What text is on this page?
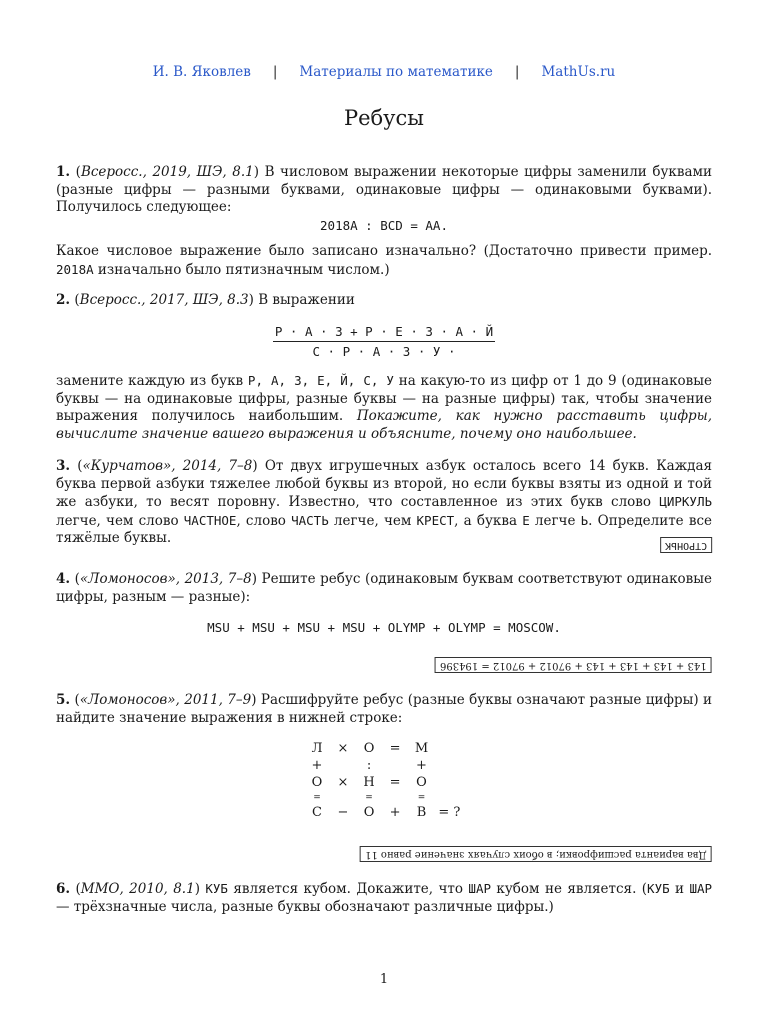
И. В. Яковлев | Материалы по математике | MathUs.ru
Ребусы
1. (Всеросс., 2019, ШЭ, 8.1) В числовом выражении некоторые цифры заменили буквами (разные цифры — разными буквами, одинаковые цифры — одинаковыми буквами). Получилось следующее:
2018A : BCD = AA.
Какое числовое выражение было записано изначально? (Достаточно привести пример. 2018A изначально было пятизначным числом.)
2. (Всеросс., 2017, ШЭ, 8.3) В выражении
$\frac{Р \cdot А \cdot З + Р \cdot Е \cdot З \cdot А \cdot Й}{С \cdot Р \cdot А \cdot З \cdot У \cdot}$
замените каждую из букв Р, А, З, Е, Й, С, У на какую-то из цифр от 1 до 9 (одинаковые буквы — на одинаковые цифры, разные буквы — на разные цифры) так, чтобы значение выражения получилось наибольшим. Покажите, как нужно расставить цифры, вычислите значение вашего выражения и объясните, почему оно наибольшее.
3. («Курчатов», 2014, 7–8) От двух игрушечных азбук осталось всего 14 букв. Каждая буква первой азбуки тяжелее любой буквы из второй, но если буквы взяты из одной и той же азбуки, то весят поровну. Известно, что составленное из этих букв слово ЦИРКУЛЬ легче, чем слово ЧАСТНОЕ, слово ЧАСТЬ легче, чем КРЕСТ, а буква Е легче Ь. Определите все тяжёлые буквы.	СТРОНЬК
4. («Ломоносов», 2013, 7–8) Решите ребус (одинаковым буквам соответствуют одинаковые цифры, разным — разные):
MSU + MSU + MSU + MSU + OLYMP + OLYMP = MOSCOW.
143 + 143 + 143 + 143 + 97012 + 97012 = 194396
5. («Ломоносов», 2011, 7–9) Расшифруйте ребус (разные буквы означают разные цифры) и найдите значение выражения в нижней строке:
Л	×	О	=	М	
+		:		+	
О	×	Н	=	О	
=		=		=	
С	−	О	+	В	= ?
Два варианта расшифровки; в обоих случаях значение равно 11
6. (ММО, 2010, 8.1) КУБ является кубом. Докажите, что ШАР кубом не является. (КУБ и ШАР — трёхзначные числа, разные буквы обозначают различные цифры.)
1
